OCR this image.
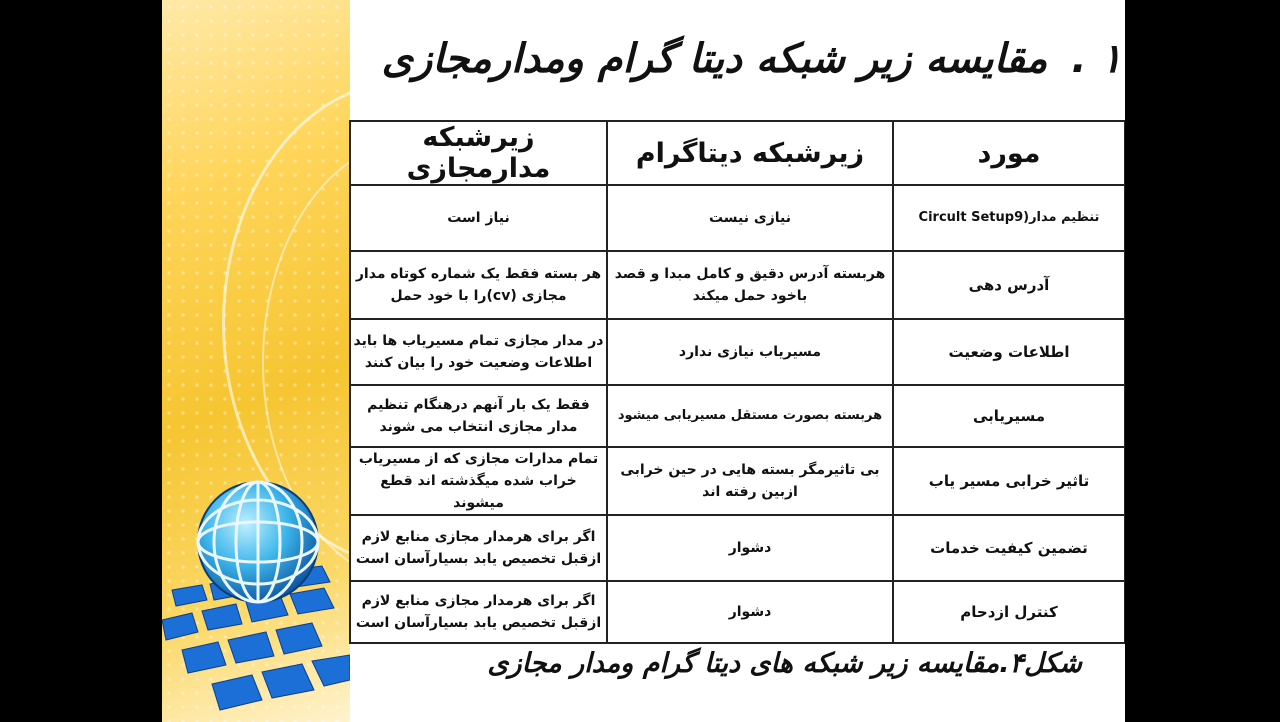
۱ . مقایسه زیر شبکه دیتا گرام ومدارمجازی
مورد	زیرشبکه دیتاگرام	زیرشبکه مدارمجازی
تنظیم مدار(Circult Setup9	نیازی نیست	نیاز است
آدرس دهی	هربسته آدرس دقیق و کامل مبدا و قصد باخود حمل میکند	هر بسته فقط یک شماره کوتاه مدار مجازی (cv)را با خود حمل
اطلاعات وضعیت	مسیریاب نیازی ندارد	در مدار مجازی تمام مسیریاب ها باید اطلاعات وضعیت خود را بیان کنند
مسیریابی	هربسته بصورت مستقل مسیریابی میشود	فقط یک بار آنهم درهنگام تنظیم مدار مجازی انتخاب می شوند
تاثیر خرابی مسیر یاب	بی تاثیرمگر بسته هایی در حین خرابی ازبین رفته اند	تمام مدارات مجازی که از مسیریاب خراب شده میگذشته اند قطع میشوند
تضمین کیفیت خدمات	دشوار	اگر برای هرمدار مجازی منابع لازم ازقبل تخصیص یابد بسیارآسان است
کنترل ازدحام	دشوار	اگر برای هرمدار مجازی منابع لازم ازقبل تخصیص یابد بسیارآسان است
شکل۴.مقایسه زیر شبکه های دیتا گرام ومدار مجازی
